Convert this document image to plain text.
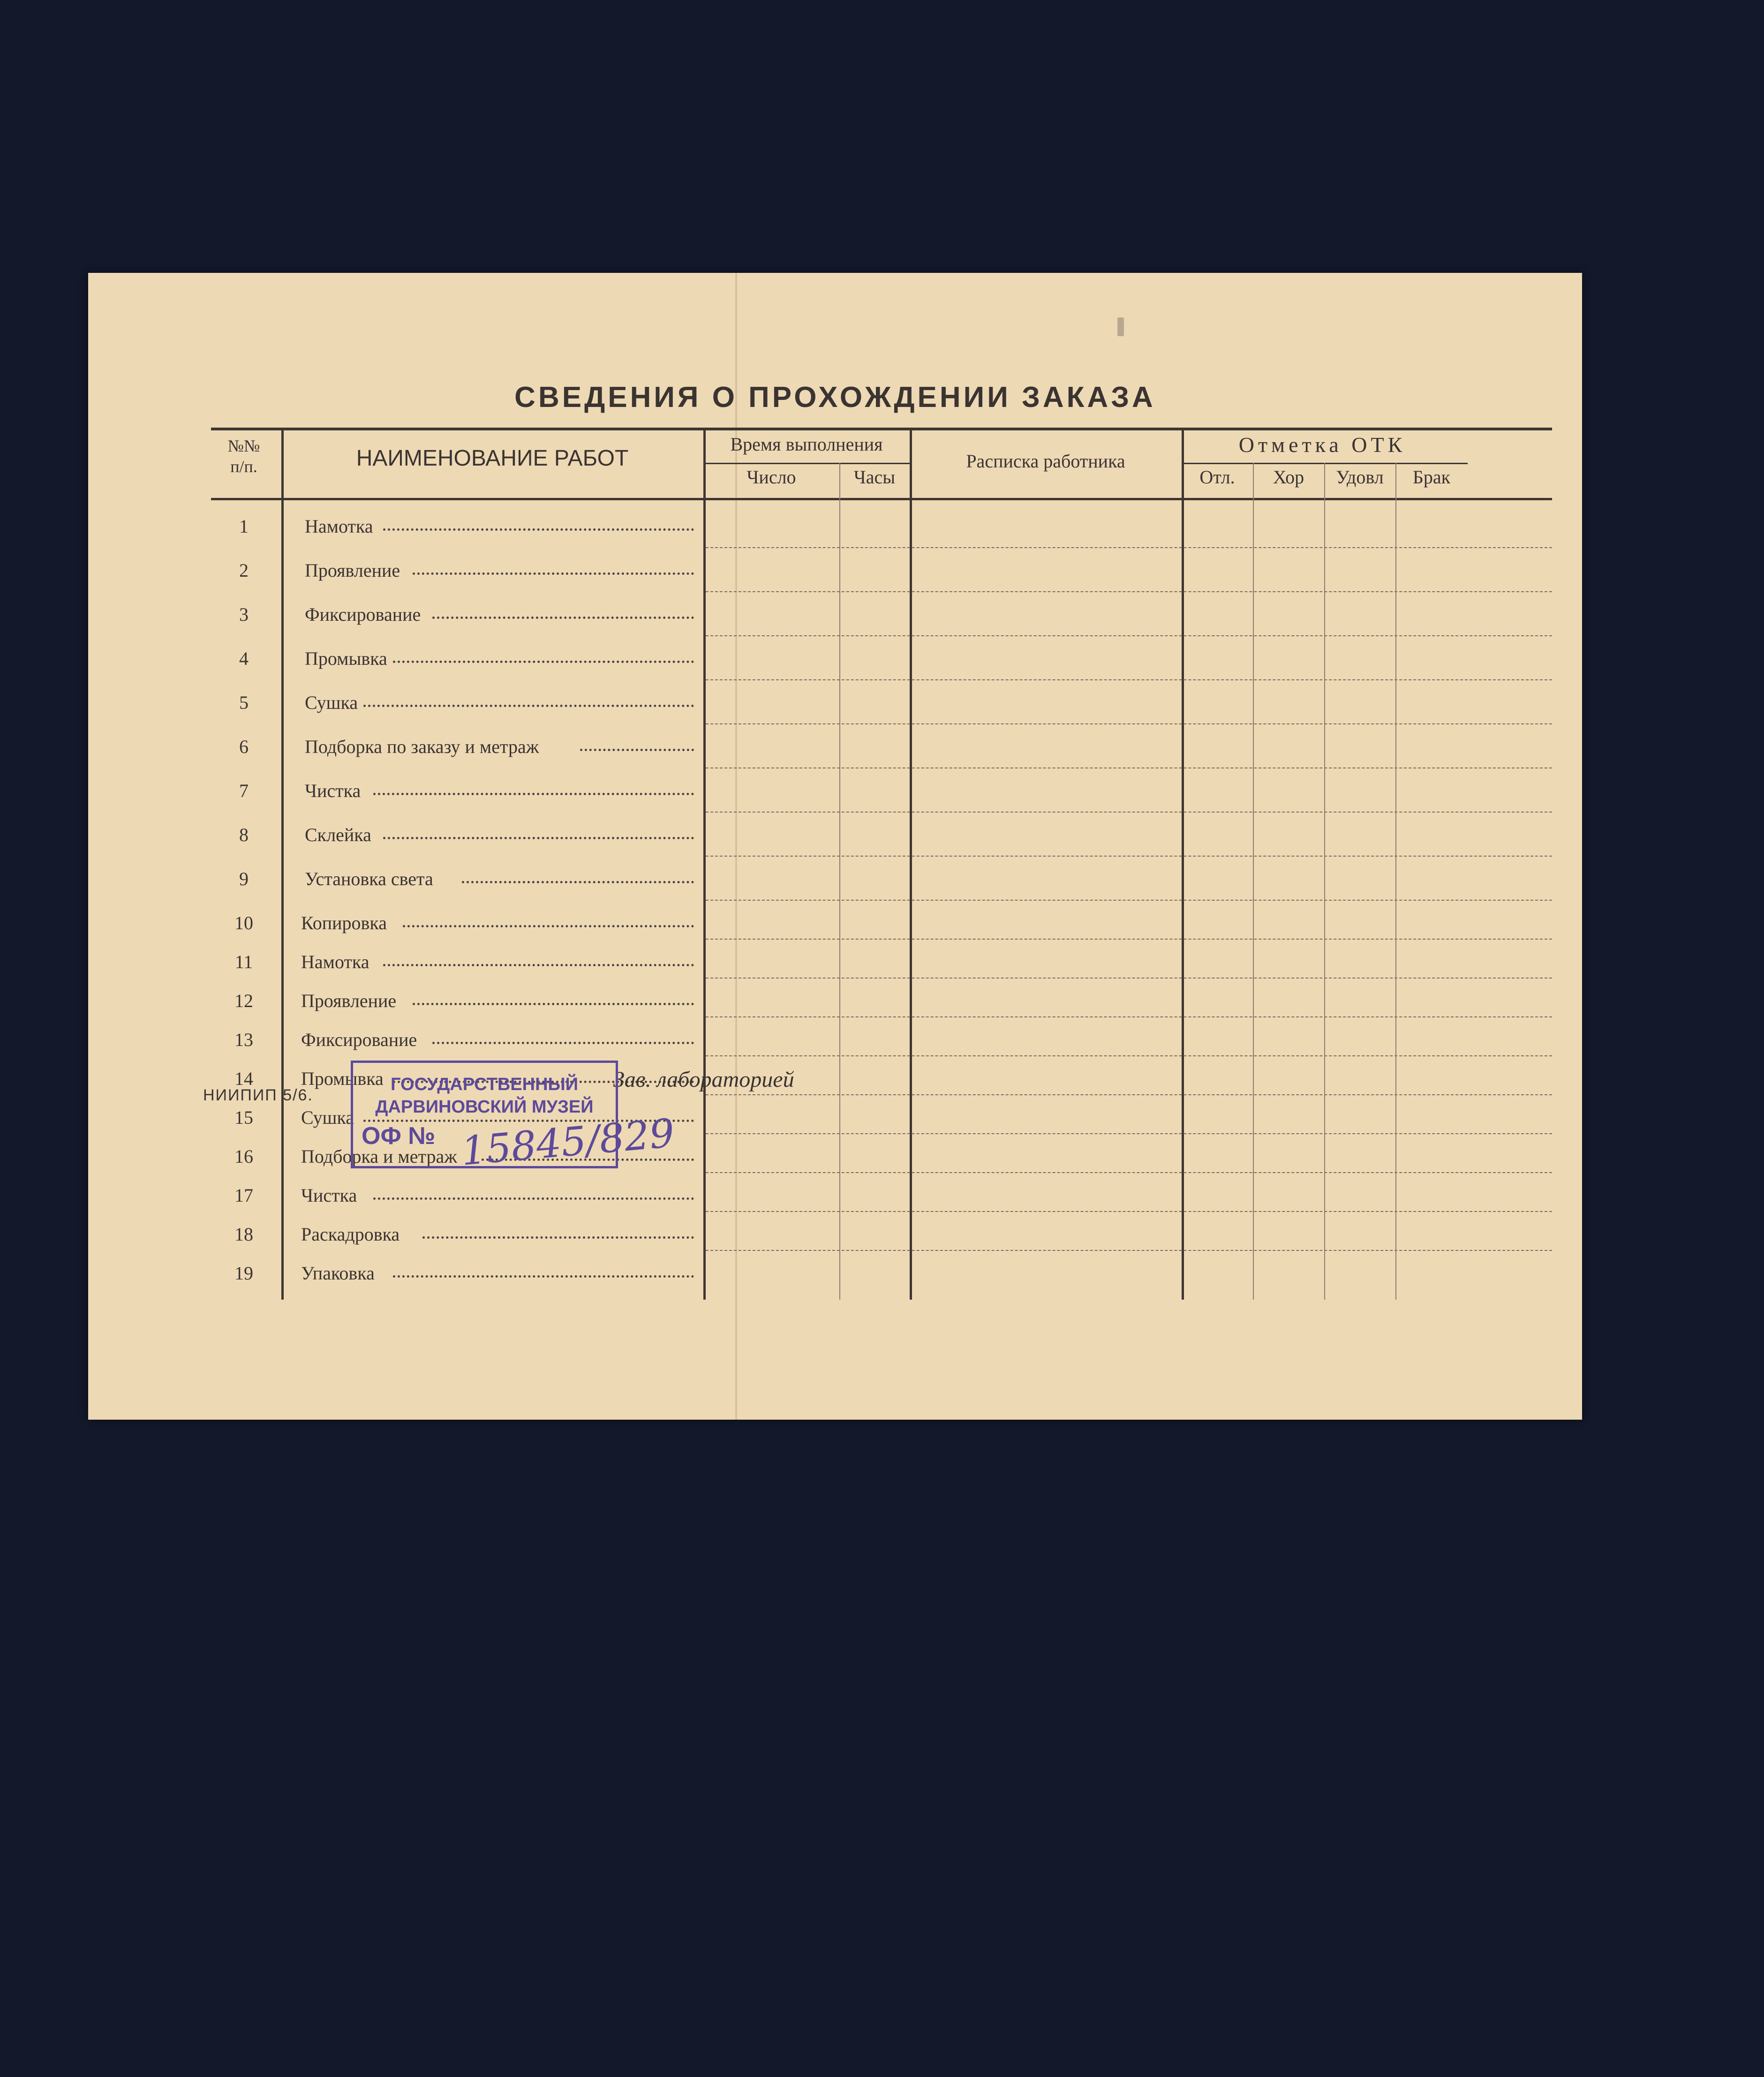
СВЕДЕНИЯ О ПРОХОЖДЕНИИ ЗАКАЗА
№№
п/п.	НАИМЕНОВАНИЕ РАБОТ
Время выполнения
Число	Часы
Расписка работника
Отметка ОТК
Отл.	Хор	Удовл	Брак
1	Намотка
2	Проявление
3	Фиксирование
4	Промывка
5	Сушка
6	Подборка по заказу и метраж
7	Чистка
8	Склейка
9	Установка света
10	Копировка
11	Намотка
12	Проявление
13	Фиксирование
14	Промывка
15	Сушка
16	Подборка и метраж
17	Чистка
18	Раскадровка
19	Упаковка
НИИПИП 5/6.
Зав. лабораторией
ГОСУДАРСТВЕННЫЙ
ДАРВИНОВСКИЙ МУЗЕЙ
ОФ № 15845/829
